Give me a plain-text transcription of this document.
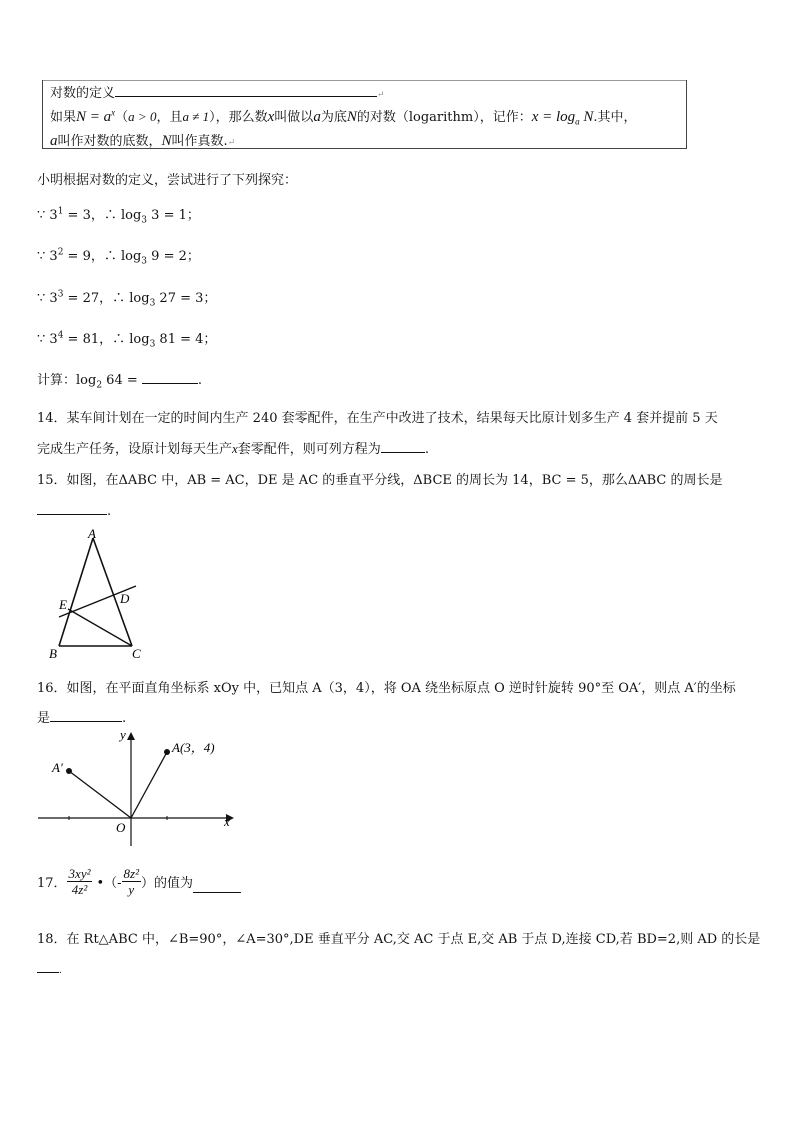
对数的定义	↵
如果$N = a^x(a > 0$，且a ≠ 1），那么数x叫做以a为底N的对数（logarithm），记作：$x = \log_a N$.其中，
a叫作对数的底数，N叫作真数.↵
小明根据对数的定义，尝试进行了下列探究：
∵ $3^1 = 3$，∴ $\log_3 3 = 1$；
∵ $3^2 = 9$，∴ $\log_3 9 = 2$；
∵ $3^3 = 27$，∴ $\log_3 27 = 3$；
∵ $3^4 = 81$，∴ $\log_3 81 = 4$；
计算：$\log_2 64$ =	.
14．某车间计划在一定的时间内生产 240 套零配件，在生产中改进了技术，结果每天比原计划多生产 4 套并提前 5 天
完成生产任务，设原计划每天生产x套零配件，则可列方程为	.
15．如图，在ΔABC 中，AB = AC，DE 是 AC 的垂直平分线，ΔBCE 的周长为 14，BC = 5，那么ΔABC 的周长是
.
A
B	C
D
E
16．如图，在平面直角坐标系 xOy 中，已知点 A（3，4），将 OA 绕坐标原点 O 逆时针旋转 90°至 OA′，则点 A′的坐标
是	.
y
x
O
A(3，4)
A′
17． $\frac{\text{3xy²}}{\text{4z²}}$ •（- $\frac{\text{8z²}}{y}$ ）的值为
18．在 Rt△ABC 中，∠B=90°，∠A=30°,DE 垂直平分 AC,交 AC 于点 E,交 AB 于点 D,连接 CD,若 BD=2,则 AD 的长是
.
